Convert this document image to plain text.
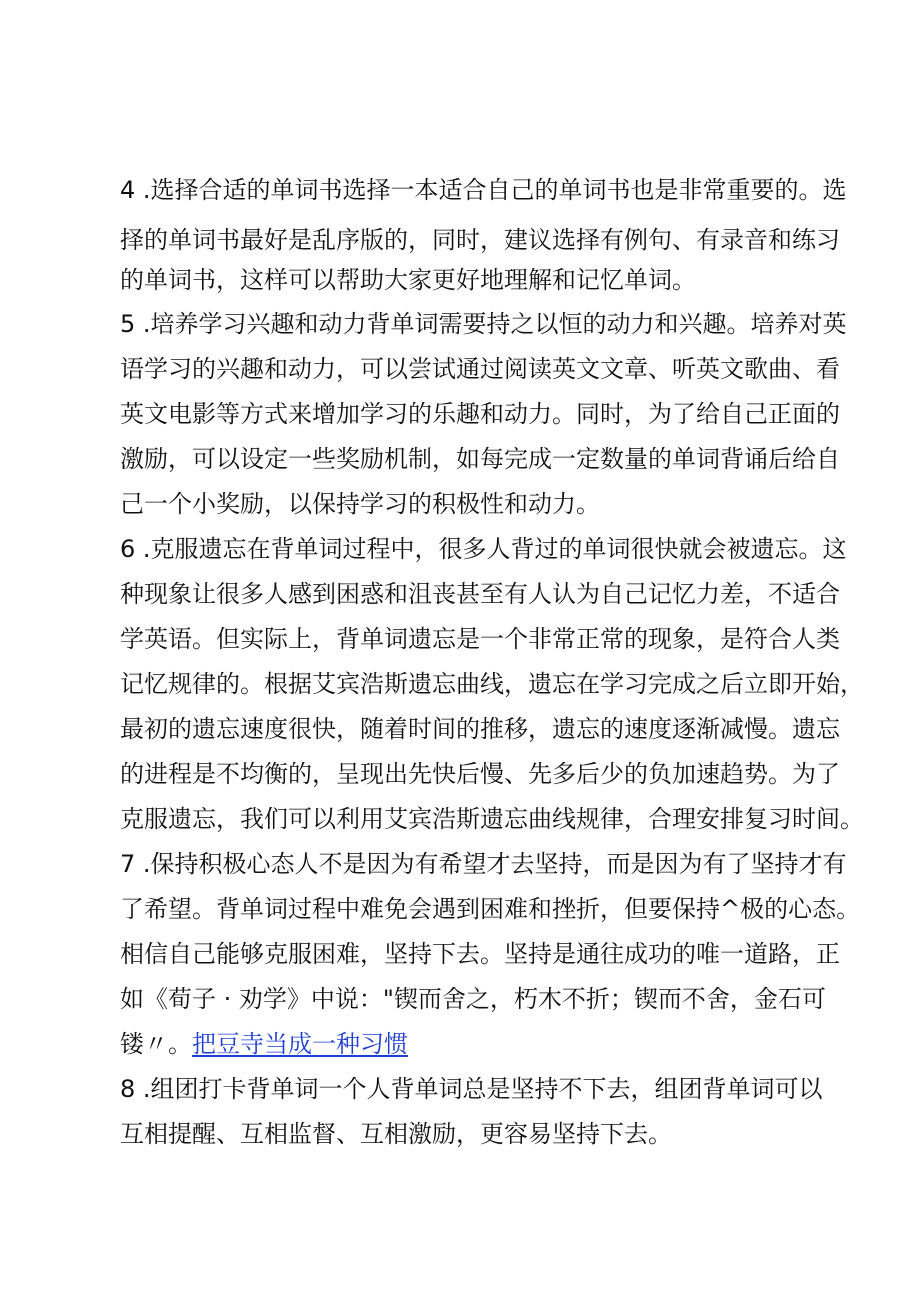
4 .选择合适的单词书选择一本适合自己的单词书也是非常重要的。选
择的单词书最好是乱序版的，同时，建议选择有例句、有录音和练习
的单词书，这样可以帮助大家更好地理解和记忆单词。
5 .培养学习兴趣和动力背单词需要持之以恒的动力和兴趣。培养对英
语学习的兴趣和动力，可以尝试通过阅读英文文章、听英文歌曲、看
英文电影等方式来增加学习的乐趣和动力。同时，为了给自己正面的
激励，可以设定一些奖励机制，如每完成一定数量的单词背诵后给自
己一个小奖励，以保持学习的积极性和动力。
6 .克服遗忘在背单词过程中，很多人背过的单词很快就会被遗忘。这
种现象让很多人感到困惑和沮丧甚至有人认为自己记忆力差，不适合
学英语。但实际上，背单词遗忘是一个非常正常的现象，是符合人类
记忆规律的。根据艾宾浩斯遗忘曲线，遗忘在学习完成之后立即开始，
最初的遗忘速度很快，随着时间的推移，遗忘的速度逐渐减慢。遗忘
的进程是不均衡的，呈现出先快后慢、先多后少的负加速趋势。为了
克服遗忘，我们可以利用艾宾浩斯遗忘曲线规律，合理安排复习时间。
7 .保持积极心态人不是因为有希望才去坚持，而是因为有了坚持才有
了希望。背单词过程中难免会遇到困难和挫折，但要保持^极的心态。
相信自己能够克服困难，坚持下去。坚持是通往成功的唯一道路，正
如《荀子 · 劝学》中说："锲而舍之，朽木不折；锲而不舍，金石可
镂〃。把豆寺当成一种习惯
8 .组团打卡背单词一个人背单词总是坚持不下去，组团背单词可以
互相提醒、互相监督、互相激励，更容易坚持下去。
